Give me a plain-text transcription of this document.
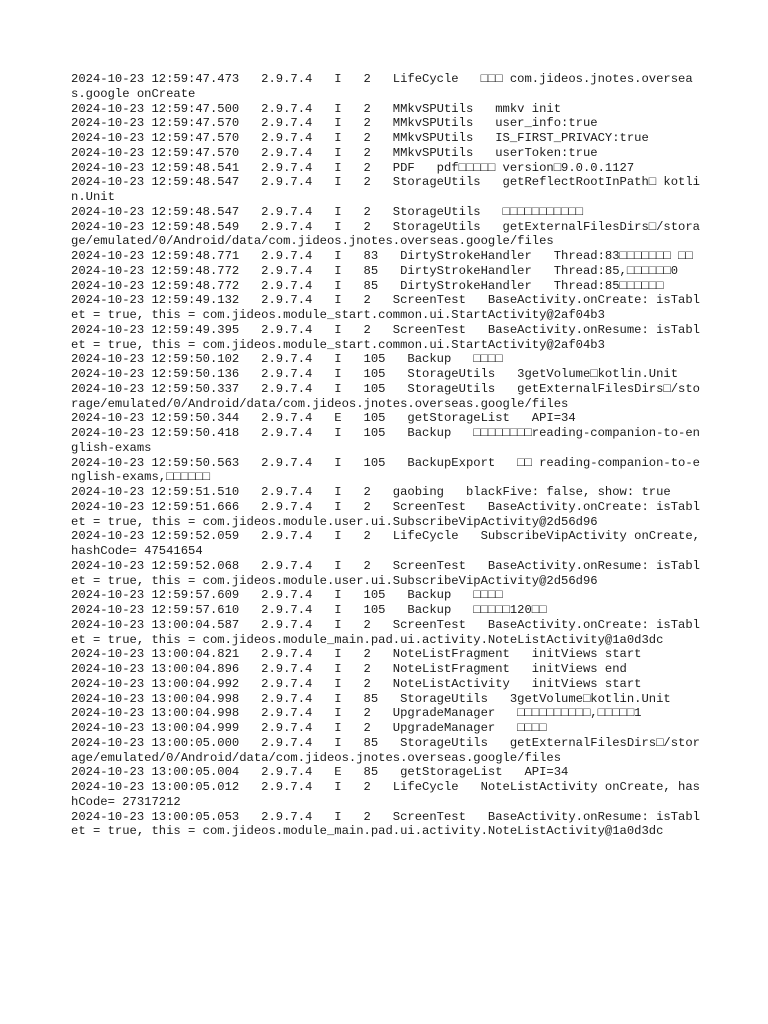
2024-10-23 12:59:47.473   2.9.7.4   I   2   LifeCycle   □□□ com.jideos.jnotes.overseas.google onCreate
2024-10-23 12:59:47.500   2.9.7.4   I   2   MMkvSPUtils   mmkv init
2024-10-23 12:59:47.570   2.9.7.4   I   2   MMkvSPUtils   user_info:true
2024-10-23 12:59:47.570   2.9.7.4   I   2   MMkvSPUtils   IS_FIRST_PRIVACY:true
2024-10-23 12:59:47.570   2.9.7.4   I   2   MMkvSPUtils   userToken:true
2024-10-23 12:59:48.541   2.9.7.4   I   2   PDF   pdf□□□□□ version□9.0.0.1127
2024-10-23 12:59:48.547   2.9.7.4   I   2   StorageUtils   getReflectRootInPath□ kotlin.Unit
2024-10-23 12:59:48.547   2.9.7.4   I   2   StorageUtils   □□□□□□□□□□□
2024-10-23 12:59:48.549   2.9.7.4   I   2   StorageUtils   getExternalFilesDirs□/storage/emulated/0/Android/data/com.jideos.jnotes.overseas.google/files
2024-10-23 12:59:48.771   2.9.7.4   I   83   DirtyStrokeHandler   Thread:83□□□□□□□ □□
2024-10-23 12:59:48.772   2.9.7.4   I   85   DirtyStrokeHandler   Thread:85,□□□□□□0
2024-10-23 12:59:48.772   2.9.7.4   I   85   DirtyStrokeHandler   Thread:85□□□□□□
2024-10-23 12:59:49.132   2.9.7.4   I   2   ScreenTest   BaseActivity.onCreate: isTablet = true, this = com.jideos.module_start.common.ui.StartActivity@2af04b3
2024-10-23 12:59:49.395   2.9.7.4   I   2   ScreenTest   BaseActivity.onResume: isTablet = true, this = com.jideos.module_start.common.ui.StartActivity@2af04b3
2024-10-23 12:59:50.102   2.9.7.4   I   105   Backup   □□□□
2024-10-23 12:59:50.136   2.9.7.4   I   105   StorageUtils   3getVolume□kotlin.Unit
2024-10-23 12:59:50.337   2.9.7.4   I   105   StorageUtils   getExternalFilesDirs□/storage/emulated/0/Android/data/com.jideos.jnotes.overseas.google/files
2024-10-23 12:59:50.344   2.9.7.4   E   105   getStorageList   API=34
2024-10-23 12:59:50.418   2.9.7.4   I   105   Backup   □□□□□□□□reading-companion-to-english-exams
2024-10-23 12:59:50.563   2.9.7.4   I   105   BackupExport   □□ reading-companion-to-english-exams,□□□□□□
2024-10-23 12:59:51.510   2.9.7.4   I   2   gaobing   blackFive: false, show: true
2024-10-23 12:59:51.666   2.9.7.4   I   2   ScreenTest   BaseActivity.onCreate: isTablet = true, this = com.jideos.module.user.ui.SubscribeVipActivity@2d56d96
2024-10-23 12:59:52.059   2.9.7.4   I   2   LifeCycle   SubscribeVipActivity onCreate, hashCode= 47541654
2024-10-23 12:59:52.068   2.9.7.4   I   2   ScreenTest   BaseActivity.onResume: isTablet = true, this = com.jideos.module.user.ui.SubscribeVipActivity@2d56d96
2024-10-23 12:59:57.609   2.9.7.4   I   105   Backup   □□□□
2024-10-23 12:59:57.610   2.9.7.4   I   105   Backup   □□□□□120□□
2024-10-23 13:00:04.587   2.9.7.4   I   2   ScreenTest   BaseActivity.onCreate: isTablet = true, this = com.jideos.module_main.pad.ui.activity.NoteListActivity@1a0d3dc
2024-10-23 13:00:04.821   2.9.7.4   I   2   NoteListFragment   initViews start
2024-10-23 13:00:04.896   2.9.7.4   I   2   NoteListFragment   initViews end
2024-10-23 13:00:04.992   2.9.7.4   I   2   NoteListActivity   initViews start
2024-10-23 13:00:04.998   2.9.7.4   I   85   StorageUtils   3getVolume□kotlin.Unit
2024-10-23 13:00:04.998   2.9.7.4   I   2   UpgradeManager   □□□□□□□□□□,□□□□□1
2024-10-23 13:00:04.999   2.9.7.4   I   2   UpgradeManager   □□□□
2024-10-23 13:00:05.000   2.9.7.4   I   85   StorageUtils   getExternalFilesDirs□/storage/emulated/0/Android/data/com.jideos.jnotes.overseas.google/files
2024-10-23 13:00:05.004   2.9.7.4   E   85   getStorageList   API=34
2024-10-23 13:00:05.012   2.9.7.4   I   2   LifeCycle   NoteListActivity onCreate, hashCode= 27317212
2024-10-23 13:00:05.053   2.9.7.4   I   2   ScreenTest   BaseActivity.onResume: isTablet = true, this = com.jideos.module_main.pad.ui.activity.NoteListActivity@1a0d3dc
